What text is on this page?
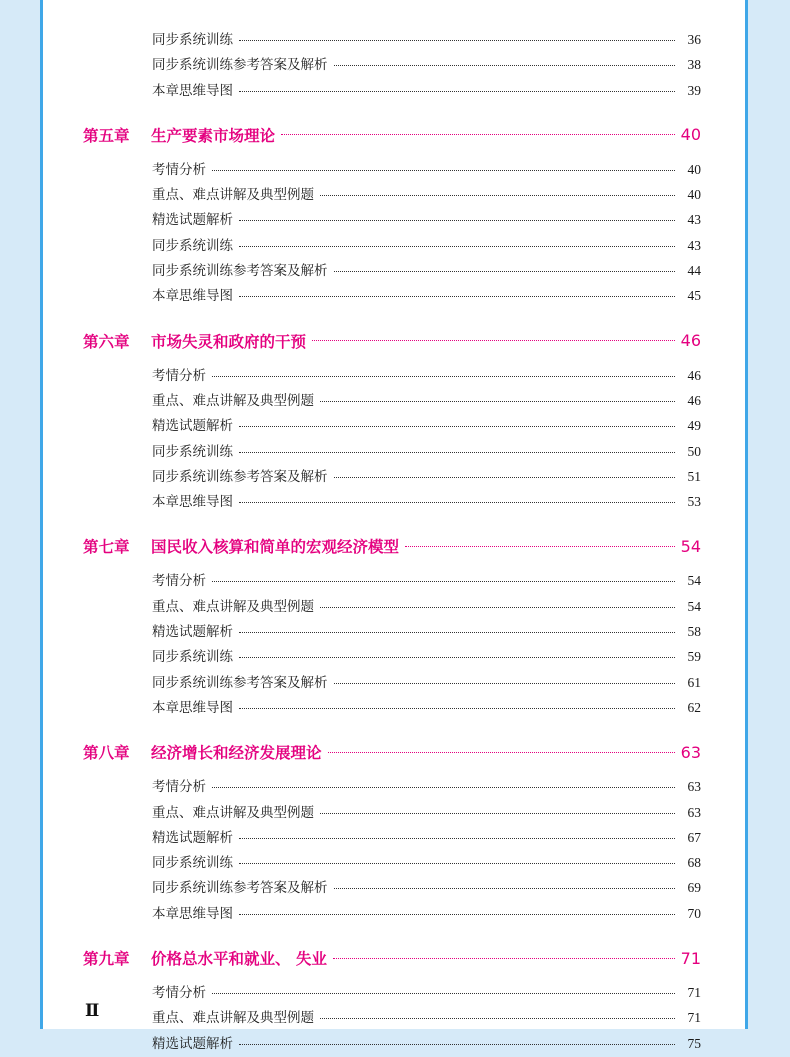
同步系统训练	36
同步系统训练参考答案及解析	38
本章思维导图	39
第五章	生产要素市场理论	40
考情分析	40
重点、难点讲解及典型例题	40
精选试题解析	43
同步系统训练	43
同步系统训练参考答案及解析	44
本章思维导图	45
第六章	市场失灵和政府的干预	46
考情分析	46
重点、难点讲解及典型例题	46
精选试题解析	49
同步系统训练	50
同步系统训练参考答案及解析	51
本章思维导图	53
第七章	国民收入核算和简单的宏观经济模型	54
考情分析	54
重点、难点讲解及典型例题	54
精选试题解析	58
同步系统训练	59
同步系统训练参考答案及解析	61
本章思维导图	62
第八章	经济增长和经济发展理论	63
考情分析	63
重点、难点讲解及典型例题	63
精选试题解析	67
同步系统训练	68
同步系统训练参考答案及解析	69
本章思维导图	70
第九章	价格总水平和就业、 失业	71
考情分析	71
重点、难点讲解及典型例题	71
精选试题解析	75
Ⅱ
